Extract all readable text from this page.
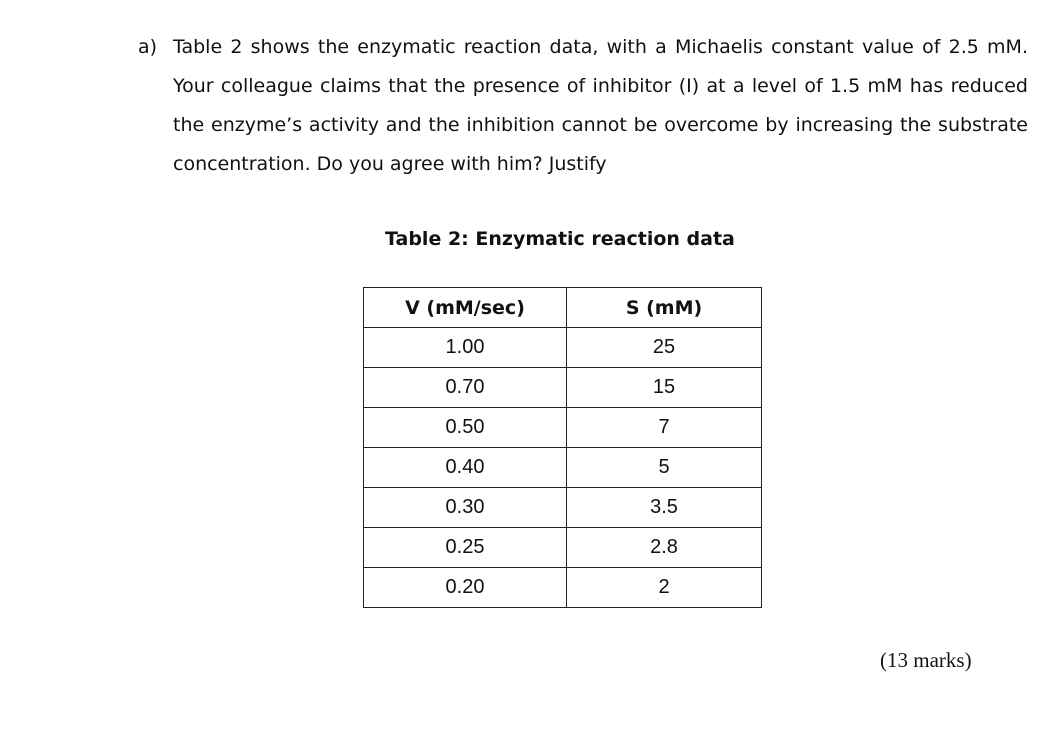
a) Table 2 shows the enzymatic reaction data, with a Michaelis constant value of 2.5 mM. Your colleague claims that the presence of inhibitor (I) at a level of 1.5 mM has reduced the enzyme’s activity and the inhibition cannot be overcome by increasing the substrate concentration. Do you agree with him? Justify
Table 2: Enzymatic reaction data
V (mM/sec)	S (mM)
1.00	25
0.70	15
0.50	7
0.40	5
0.30	3.5
0.25	2.8
0.20	2
(13 marks)
